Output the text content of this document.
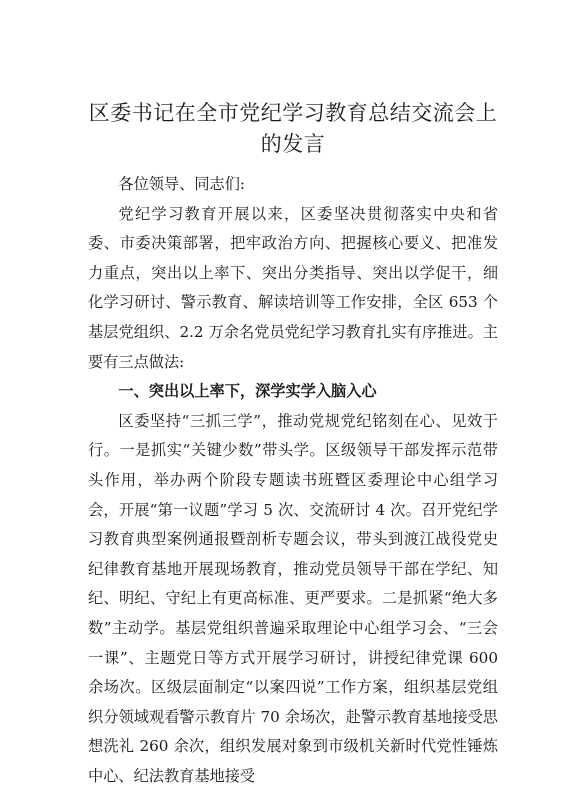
区委书记在全市党纪学习教育总结交流会上的发言

各位领导、同志们:

党纪学习教育开展以来，区委坚决贯彻落实中央和省委、市委决策部署，把牢政治方向、把握核心要义、把准发力重点，突出以上率下、突出分类指导、突出以学促干，细化学习研讨、警示教育、解读培训等工作安排，全区 653 个基层党组织、2.2 万余名党员党纪学习教育扎实有序推进。主要有三点做法:

一、突出以上率下，深学实学入脑入心

区委坚持“三抓三学”，推动党规党纪铭刻在心、见效于行。一是抓实“关键少数”带头学。区级领导干部发挥示范带头作用，举办两个阶段专题读书班暨区委理论中心组学习会，开展“第一议题”学习 5 次、交流研讨 4 次。召开党纪学习教育典型案例通报暨剖析专题会议，带头到渡江战役党史纪律教育基地开展现场教育，推动党员领导干部在学纪、知纪、明纪、守纪上有更高标准、更严要求。二是抓紧“绝大多数”主动学。基层党组织普遍采取理论中心组学习会、“三会一课”、主题党日等方式开展学习研讨，讲授纪律党课 600 余场次。区级层面制定“以案四说”工作方案，组织基层党组织分领域观看警示教育片 70 余场次，赴警示教育基地接受思想洗礼 260 余次，组织发展对象到市级机关新时代党性锤炼中心、纪法教育基地接受
